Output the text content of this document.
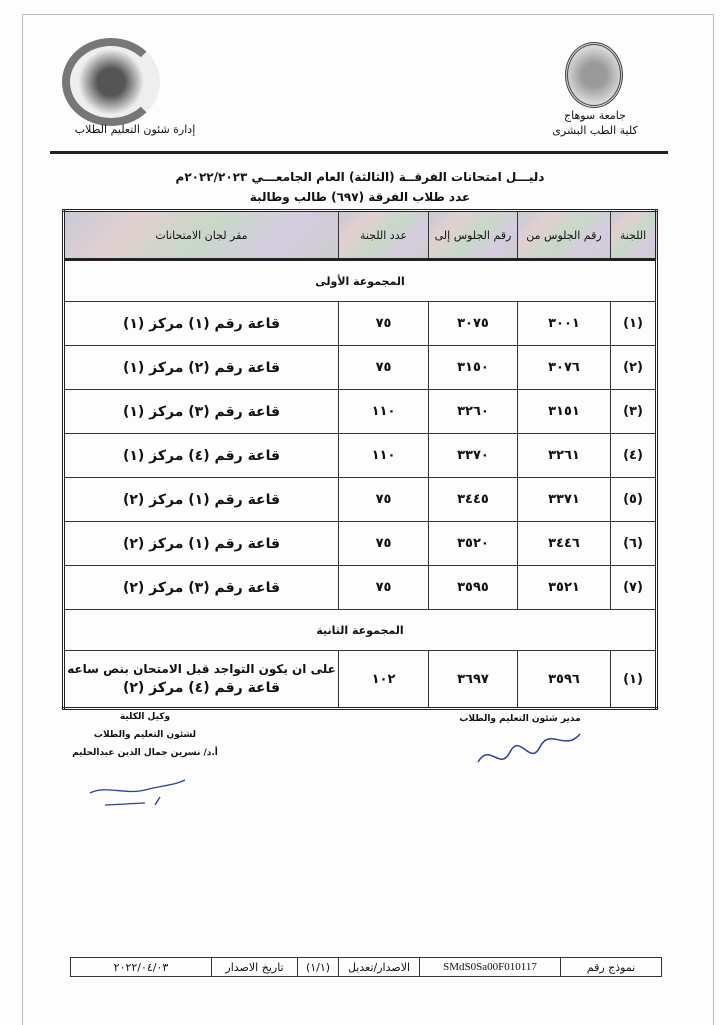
جامعة سوهاج
كلية الطب البشرى
إدارة شئون التعليم الطلاب
دليـــل امتحانات الفرقــة (الثالثة) العام الجامعـــي ٢٠٢٢/٢٠٢٣م
عدد طلاب الفرقة (٦٩٧) طالب وطالبة
اللجنة	رقم الجلوس من	رقم الجلوس إلى	عدد اللجنة	مقر لجان الامتحانات
المجموعة الأولى				
(١)	٣٠٠١	٣٠٧٥	٧٥	قاعة رقم (١) مركز (١)
(٢)	٣٠٧٦	٣١٥٠	٧٥	قاعة رقم (٢) مركز (١)
(٣)	٣١٥١	٣٢٦٠	١١٠	قاعة رقم (٣) مركز (١)
(٤)	٣٢٦١	٣٣٧٠	١١٠	قاعة رقم (٤) مركز (١)
(٥)	٣٣٧١	٣٤٤٥	٧٥	قاعة رقم (١) مركز (٢)
(٦)	٣٤٤٦	٣٥٢٠	٧٥	قاعة رقم (١) مركز (٢)
(٧)	٣٥٢١	٣٥٩٥	٧٥	قاعة رقم (٣) مركز (٢)
المجموعة الثانية				
(١)	٣٥٩٦	٣٦٩٧	١٠٢	على ان يكون التواجد قبل الامتحان بنص ساعه
قاعة رقم (٤) مركز (٢)
مدير شئون التعليم والطلاب
وكيل الكلية
لشئون التعليم والطلاب
أ.د/ نسرين جمال الدين عبدالحليم
نموذج رقم
SMdS0Sa00F010117
الاصدار/تعديل
(١/١)
تاريخ الاصدار
٢٠٢٢/٠٤/٠٣
